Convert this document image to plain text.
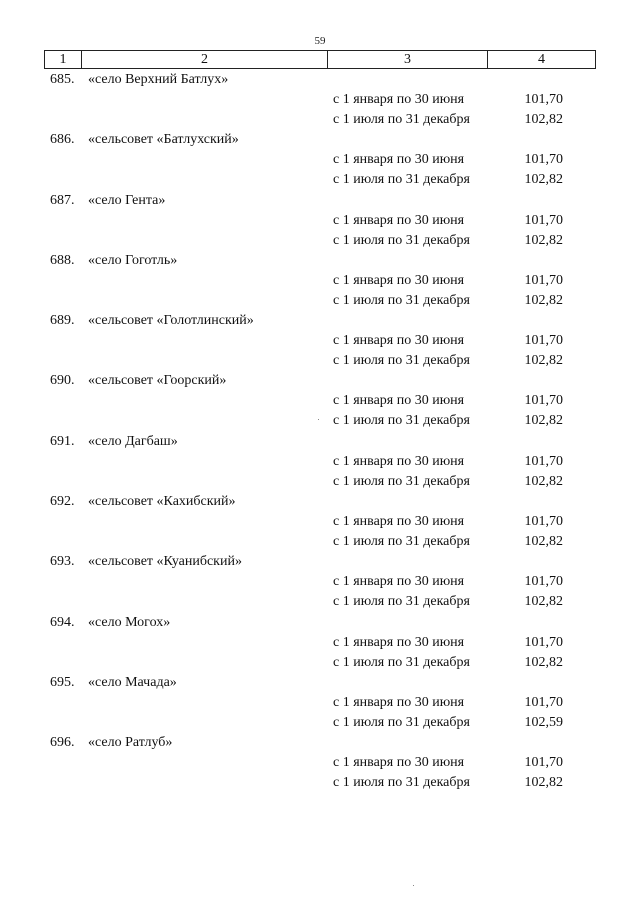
59
1	2	3	4
685. «село Верхний Батлух»
с 1 января по 30 июня	101,70
с 1 июля по 31 декабря	102,82
686. «сельсовет «Батлухский»
с 1 января по 30 июня	101,70
с 1 июля по 31 декабря	102,82
687. «село Гента»
с 1 января по 30 июня	101,70
с 1 июля по 31 декабря	102,82
688. «село Гоготль»
с 1 января по 30 июня	101,70
с 1 июля по 31 декабря	102,82
689. «сельсовет «Голотлинский»
с 1 января по 30 июня	101,70
с 1 июля по 31 декабря	102,82
690. «сельсовет «Гоорский»
с 1 января по 30 июня	101,70
с 1 июля по 31 декабря	102,82
691. «село Дагбаш»
с 1 января по 30 июня	101,70
с 1 июля по 31 декабря	102,82
692. «сельсовет «Кахибский»
с 1 января по 30 июня	101,70
с 1 июля по 31 декабря	102,82
693. «сельсовет «Куанибский»
с 1 января по 30 июня	101,70
с 1 июля по 31 декабря	102,82
694. «село Могох»
с 1 января по 30 июня	101,70
с 1 июля по 31 декабря	102,82
695. «село Мачада»
с 1 января по 30 июня	101,70
с 1 июля по 31 декабря	102,59
696. «село Ратлуб»
с 1 января по 30 июня	101,70
с 1 июля по 31 декабря	102,82
